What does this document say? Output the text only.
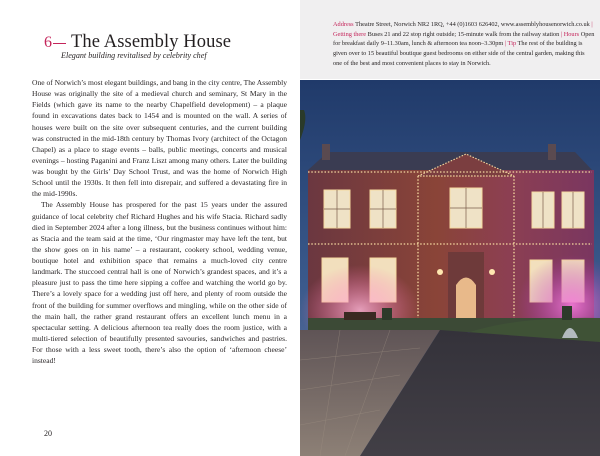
6 The Assembly House
Elegant building revitalised by celebrity chef

One of Norwich’s most elegant buildings, and bang in the city centre, The Assembly House was originally the site of a medieval church and seminary, St Mary in the Fields (which gave its name to the nearby Chapelfield development) – a plaque found in excavations dates back to 1454 and is mounted on the wall. A series of houses were built on the site over subsequent centuries, and the current building was constructed in the mid-18th century by Thomas Ivory (architect of the Octagon Chapel) as a place to stage events – balls, public meetings, concerts and musical evenings – hosting Paganini and Franz Liszt among many others. Later the building was bought by the Girls’ Day School Trust, and was the home of Norwich High School until the 1930s. It then fell into disrepair, and suffered a devastating fire in the mid-1990s.

The Assembly House has prospered for the past 15 years under the assured guidance of local celebrity chef Richard Hughes and his wife Stacia. Richard sadly died in September 2024 after a long illness, but the business continues without him: as Stacia and the team said at the time, ‘Our ringmaster may have left the tent, but the show goes on in his name’ – a restaurant, cookery school, wedding venue, boutique hotel and exhibition space that remains a much-loved city centre landmark. The stuccoed central hall is one of Norwich’s grandest spaces, and it’s a pleasure just to pass the time here sipping a coffee and watching the world go by. There’s a lovely space for a wedding just off here, and plenty of room outside the front of the building for summer overflows and mingling, while on the other side of the main hall, the rather grand restaurant offers an excellent lunch menu in a spectacular setting. A delicious afternoon tea really does the room justice, with a multi-tiered selection of beautifully presented savouries, sandwiches and pastries. For those with a less sweet tooth, there’s also the option of ‘afternoon cheese’ instead!

20
Address Theatre Street, Norwich NR2 1RQ, +44 (0)1603 626402, www.assemblyhousenorwich.co.uk | Getting there Buses 21 and 22 stop right outside; 15-minute walk from the railway station | Hours Open for breakfast daily 9–11.30am, lunch & afternoon tea noon–3.30pm | Tip The rest of the building is given over to 15 beautiful boutique guest bedrooms on either side of the central garden, making this one of the best and most convenient places to stay in Norwich.
